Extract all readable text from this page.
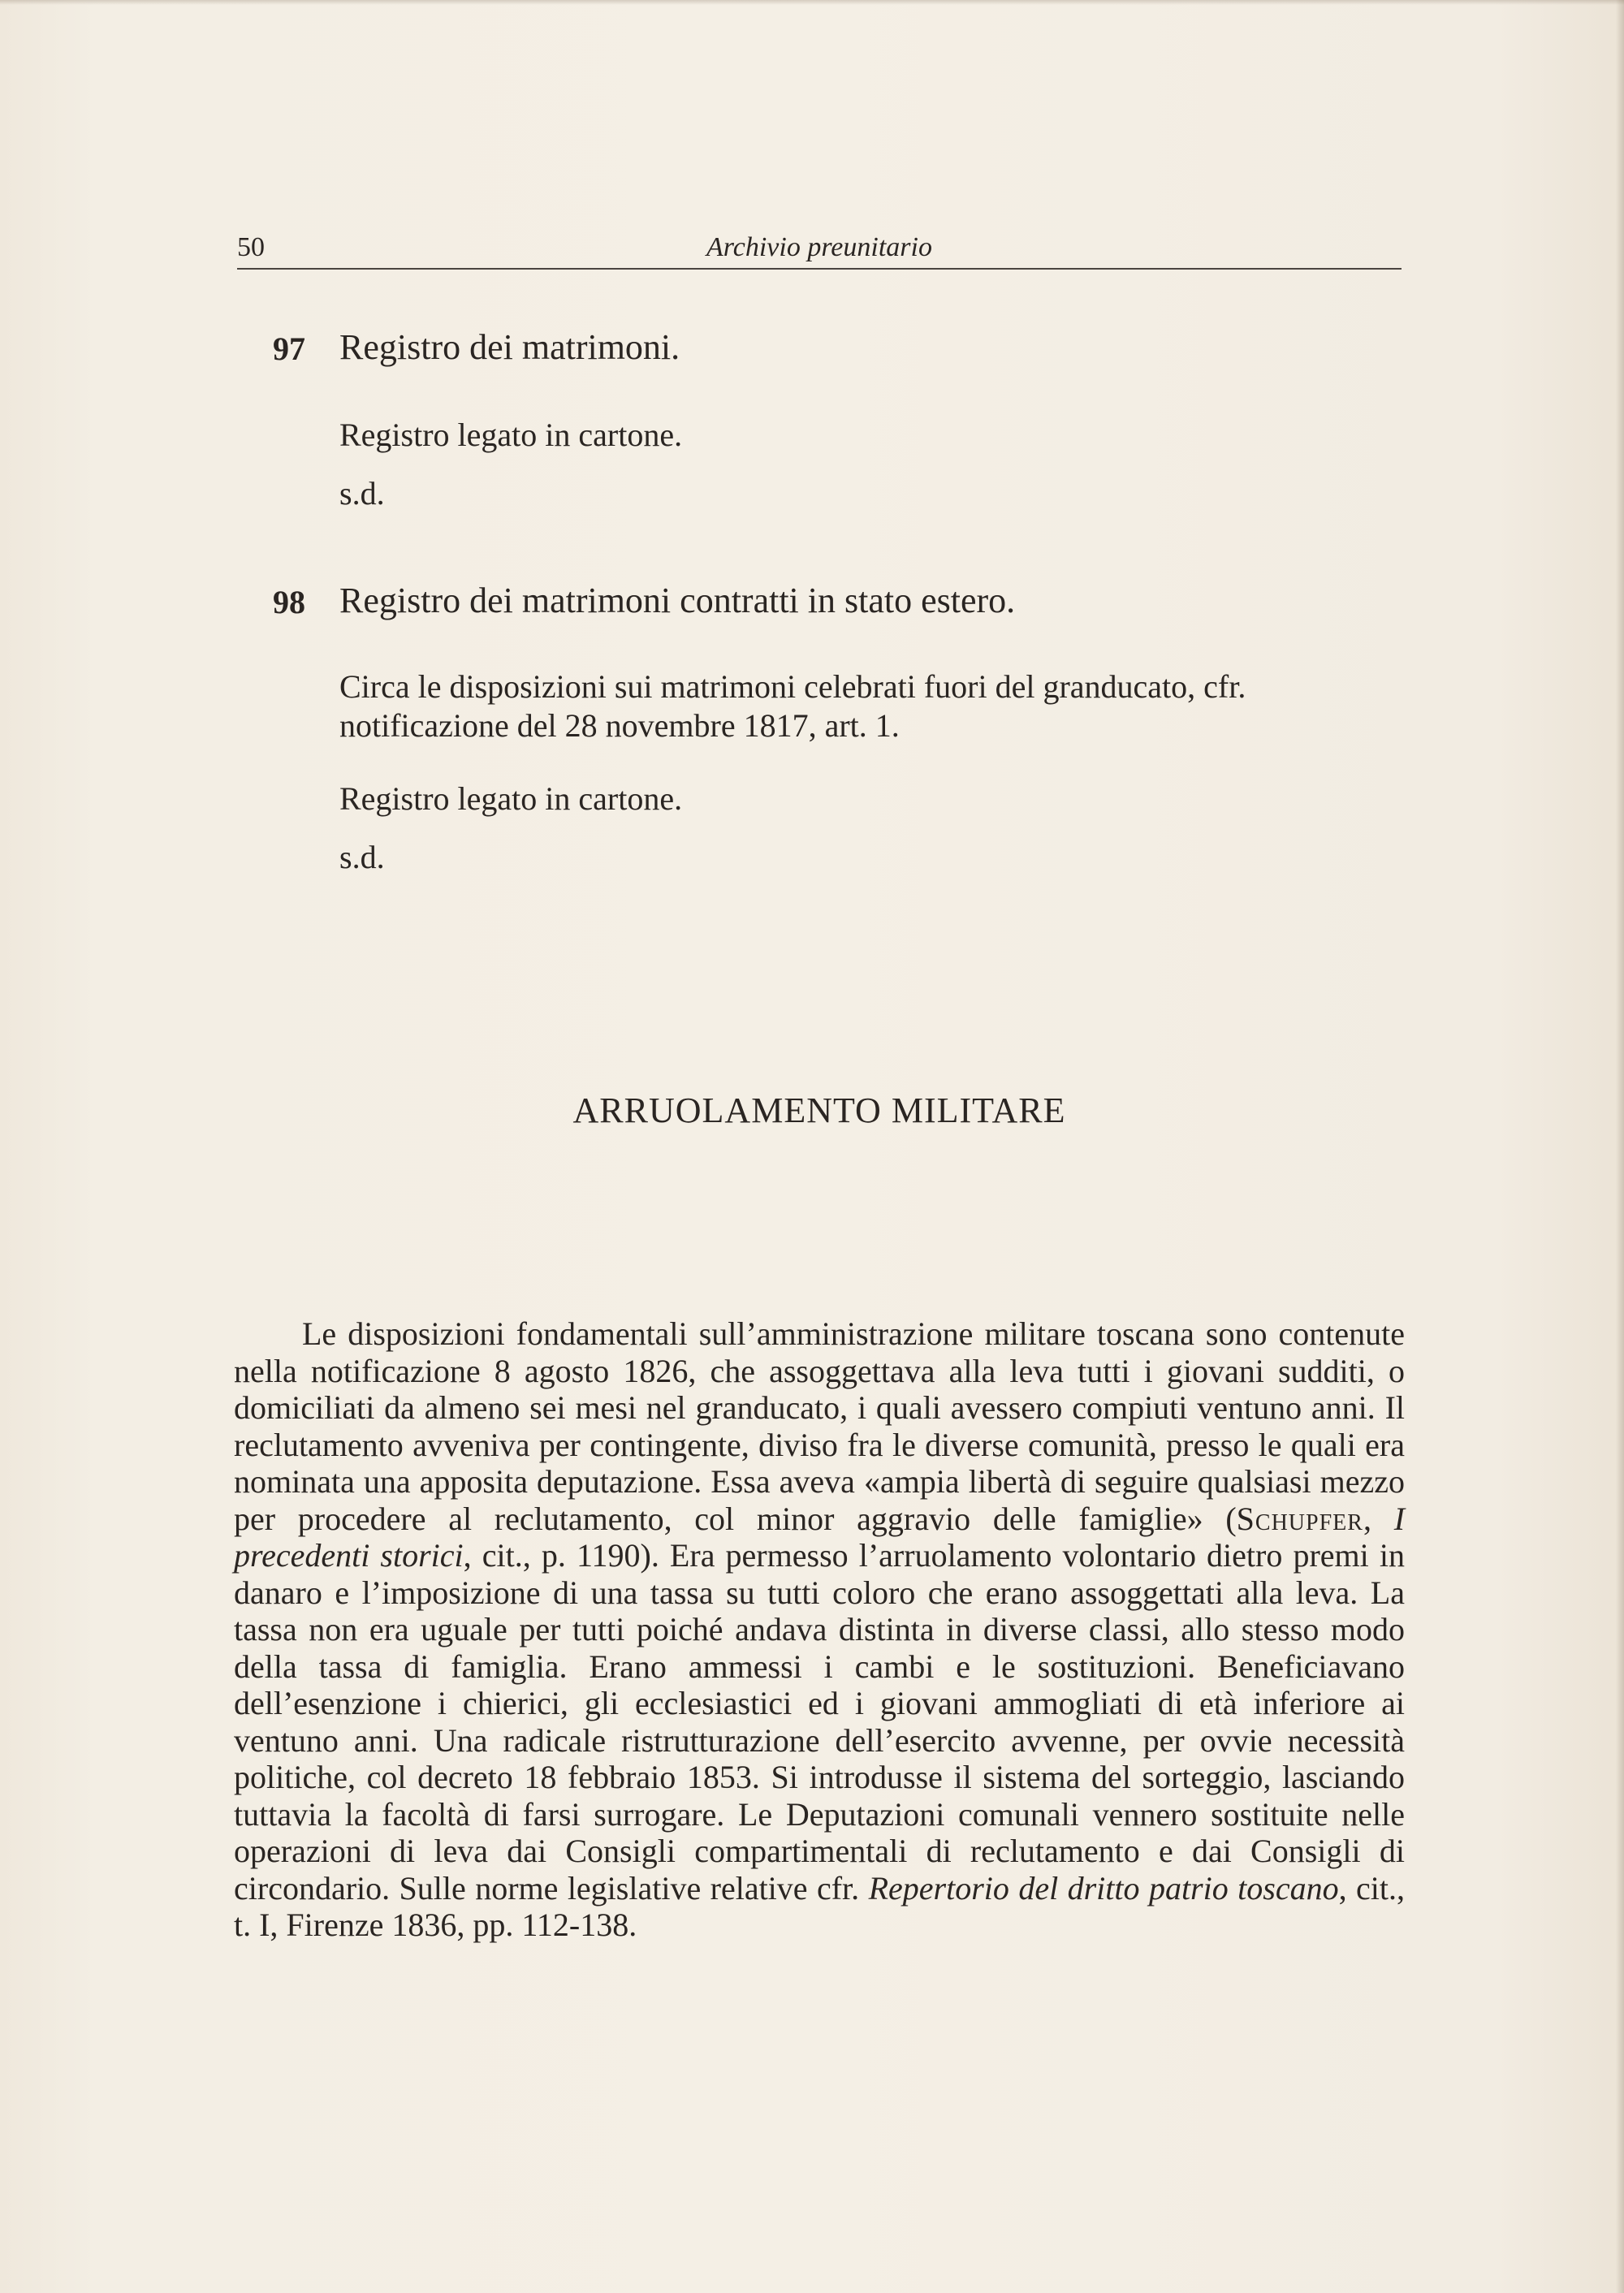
50	Archivio preunitario
97 Registro dei matrimoni.
Registro legato in cartone.
s.d.
98 Registro dei matrimoni contratti in stato estero.
Circa le disposizioni sui matrimoni celebrati fuori del granducato, cfr.
notificazione del 28 novembre 1817, art. 1.
Registro legato in cartone.
s.d.
ARRUOLAMENTO MILITARE

Le disposizioni fondamentali sull’amministrazione militare toscana sono contenute nella notificazione 8 agosto 1826, che assoggettava alla leva tutti i giovani sudditi, o domiciliati da almeno sei mesi nel granducato, i quali avessero compiuti ventuno anni. Il reclutamento avveniva per contingente, diviso fra le diverse comunità, presso le quali era nominata una apposita deputazione. Essa aveva «ampia libertà di seguire qualsiasi mezzo per procedere al reclutamento, col minor aggravio delle famiglie» (Schupfer, I precedenti storici, cit., p. 1190). Era permesso l’arruolamento volontario dietro premi in danaro e l’imposizione di una tassa su tutti coloro che erano assoggettati alla leva. La tassa non era uguale per tutti poiché andava distinta in diverse classi, allo stesso modo della tassa di famiglia. Erano ammessi i cambi e le sostituzioni. Beneficiavano dell’esenzione i chierici, gli ecclesiastici ed i giovani ammogliati di età inferiore ai ventuno anni. Una radicale ristrutturazione dell’esercito avvenne, per ovvie necessità politiche, col decreto 18 febbraio 1853. Si introdusse il sistema del sorteggio, lasciando tuttavia la facoltà di farsi surrogare. Le Deputazioni comunali vennero sostituite nelle operazioni di leva dai Consigli compartimentali di reclutamento e dai Consigli di circondario. Sulle norme legislative relative cfr. Repertorio del dritto patrio toscano, cit., t. I, Firenze 1836, pp. 112-138.
